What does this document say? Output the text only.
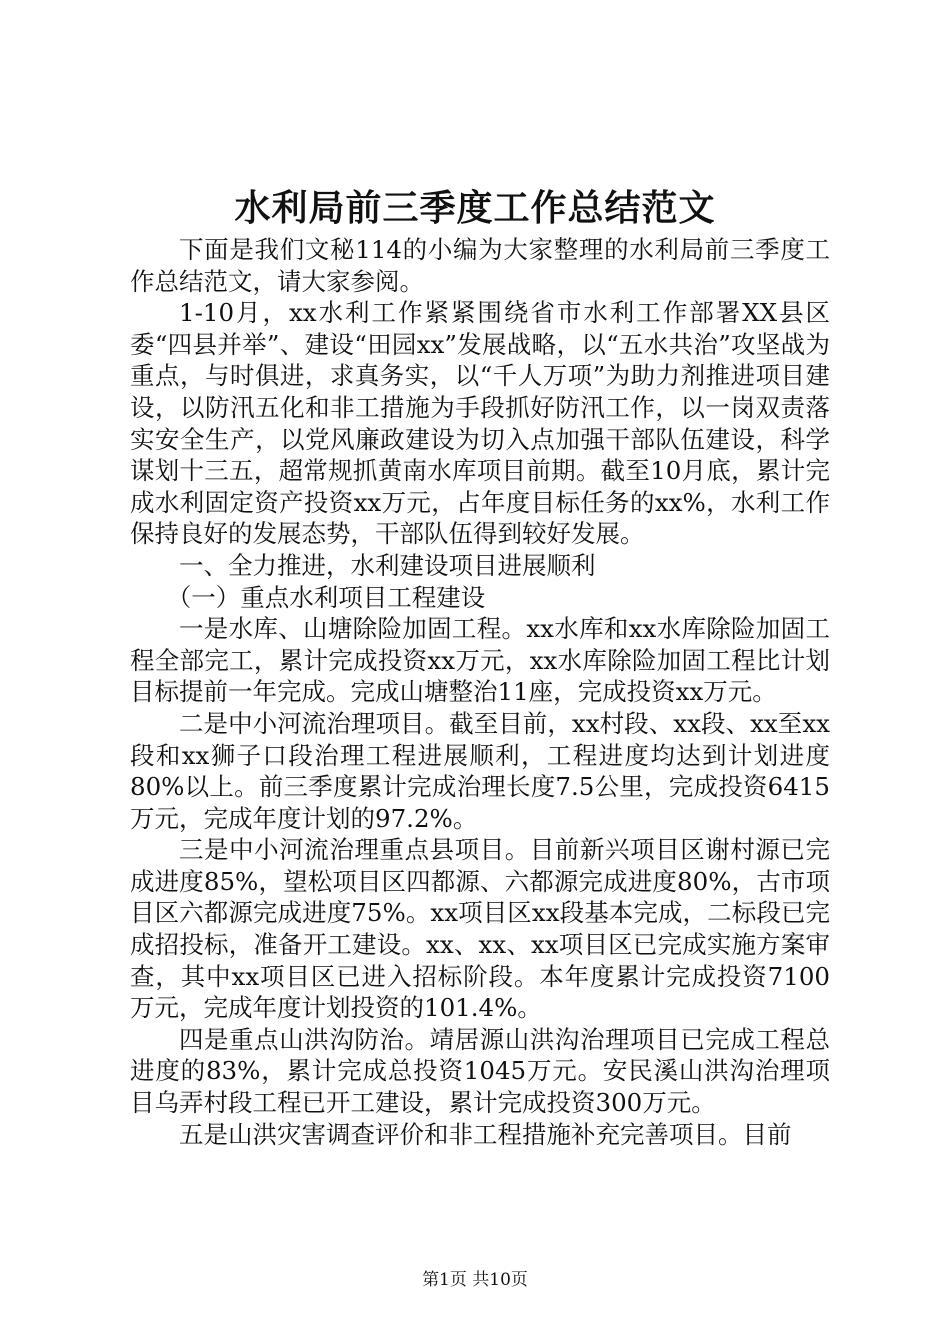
水利局前三季度工作总结范文

下面是我们文秘114的小编为大家整理的水利局前三季度工作总结范文，请大家参阅。

1-10月，xx水利工作紧紧围绕省市水利工作部署XX县区委“四县并举”、建设“田园xx”发展战略，以“五水共治”攻坚战为重点，与时俱进，求真务实，以“千人万项”为助力剂推进项目建设，以防汛五化和非工措施为手段抓好防汛工作，以一岗双责落实安全生产，以党风廉政建设为切入点加强干部队伍建设，科学谋划十三五，超常规抓黄南水库项目前期。截至10月底，累计完成水利固定资产投资xx万元，占年度目标任务的xx%，水利工作保持良好的发展态势，干部队伍得到较好发展。

一、全力推进，水利建设项目进展顺利

（一）重点水利项目工程建设

一是水库、山塘除险加固工程。xx水库和xx水库除险加固工程全部完工，累计完成投资xx万元，xx水库除险加固工程比计划目标提前一年完成。完成山塘整治11座，完成投资xx万元。

二是中小河流治理项目。截至目前，xx村段、xx段、xx至xx段和xx狮子口段治理工程进展顺利，工程进度均达到计划进度80%以上。前三季度累计完成治理长度7.5公里，完成投资6415万元，完成年度计划的97.2%。

三是中小河流治理重点县项目。目前新兴项目区谢村源已完成进度85%，望松项目区四都源、六都源完成进度80%，古市项目区六都源完成进度75%。xx项目区xx段基本完成，二标段已完成招投标，准备开工建设。xx、xx、xx项目区已完成实施方案审查，其中xx项目区已进入招标阶段。本年度累计完成投资7100万元，完成年度计划投资的101.4%。

四是重点山洪沟防治。靖居源山洪沟治理项目已完成工程总进度的83%，累计完成总投资1045万元。安民溪山洪沟治理项目乌弄村段工程已开工建设，累计完成投资300万元。

五是山洪灾害调查评价和非工程措施补充完善项目。目前

第1页 共10页
